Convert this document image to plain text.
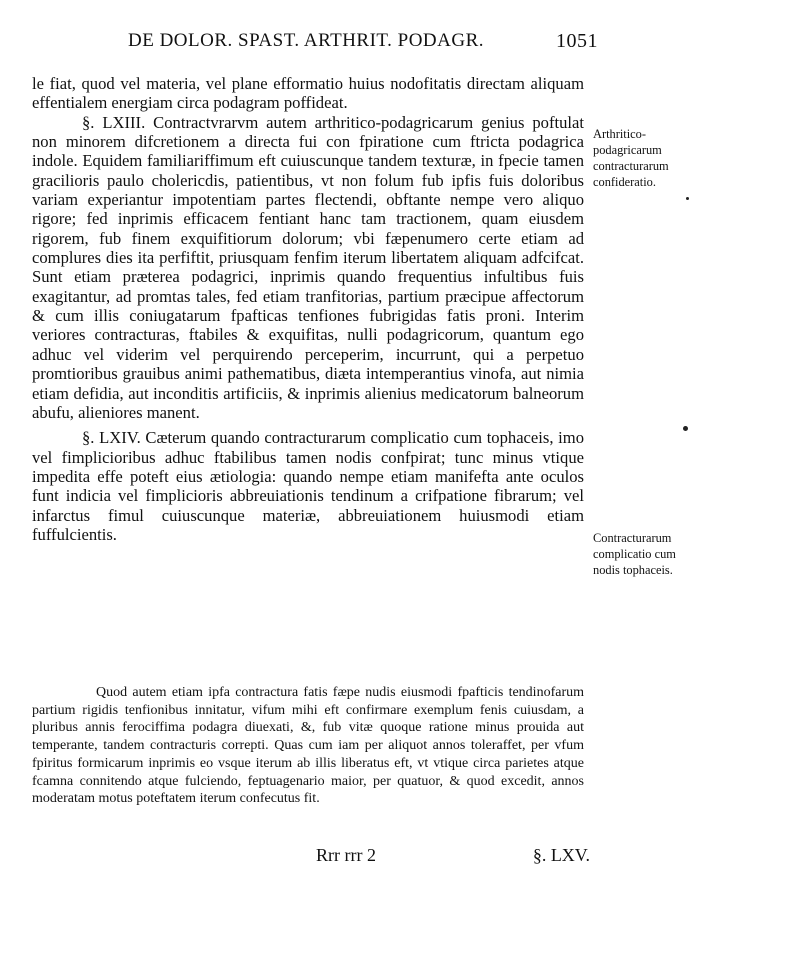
DE DOLOR. SPAST. ARTHRIT. PODAGR.	1051

le fiat, quod vel materia, vel plane efformatio huius nodofitatis directam aliquam effentialem energiam circa podagram poffideat.

§. LXIII. Contractvrarvm autem arthritico-podagricarum genius poftulat non minorem difcretionem a directa fui con fpiratione cum ftricta podagrica indole. Equidem familiariffimum eft cuiuscunque tandem texturæ, in fpecie tamen gracilioris paulo cholericdis, patientibus, vt non folum fub ipfis fuis doloribus variam experiantur impotentiam partes flectendi, obftante nempe vero aliquo rigore; fed inprimis efficacem fentiant hanc tam tractionem, quam eiusdem rigorem, fub finem exquifitiorum dolorum; vbi fæpenumero certe etiam ad complures dies ita perfiftit, priusquam fenfim iterum libertatem aliquam adfcifcat. Sunt etiam præterea podagrici, inprimis quando frequentius infultibus fuis exagitantur, ad promtas tales, fed etiam tranfitorias, partium præcipue affectorum & cum illis coniugatarum fpafticas tenfiones fubrigidas fatis proni. Interim veriores contracturas, ftabiles & exquifitas, nulli podagricorum, quantum ego adhuc vel viderim vel perquirendo perceperim, incurrunt, qui a perpetuo promtioribus grauibus animi pathematibus, diæta intemperantius vinofa, aut nimia etiam defidia, aut inconditis artificiis, & inprimis alienius medicatorum balneorum abufu, alieniores manent.

§. LXIV. Cæterum quando contracturarum complicatio cum tophaceis, imo vel fimplicioribus adhuc ftabilibus tamen nodis confpirat; tunc minus vtique impedita effe poteft eius ætiologia: quando nempe etiam manifefta ante oculos funt indicia vel fimplicioris abbreuiationis tendinum a crifpatione fibrarum; vel infarctus fimul cuiuscunque materiæ, abbreuiationem huiusmodi etiam fuffulcientis.

Quod autem etiam ipfa contractura fatis fæpe nudis eiusmodi fpafticis tendinofarum partium rigidis tenfionibus innitatur, vifum mihi eft confirmare exemplum fenis cuiusdam, a pluribus annis ferociffima podagra diuexati, &, fub vitæ quoque ratione minus prouida aut temperante, tandem contracturis correpti. Quas cum iam per aliquot annos toleraffet, per vfum fpiritus formicarum inprimis eo vsque iterum ab illis liberatus eft, vt vtique circa parietes atque fcamna connitendo atque fulciendo, feptuagenario maior, per quatuor, & quod excedit, annos moderatam motus poteftatem iterum confecutus fit.

Arthritico-podagricarum contracturarum confideratio.
Contracturarum complicatio cum nodis tophaceis.
Rrr rrr 2	§. LXV.
